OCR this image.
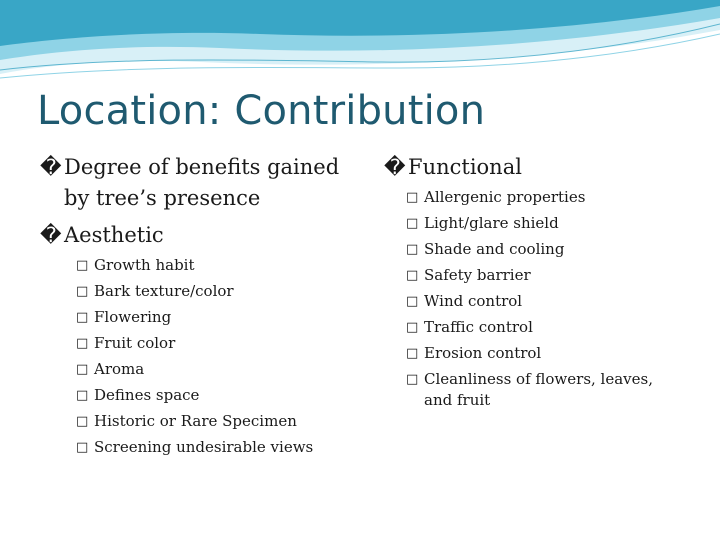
Location: Contribution
� Degree of benefits gained by tree’s presence
� Aesthetic
□ Growth habit
□ Bark texture/color
□ Flowering
□ Fruit color
□ Aroma
□ Defines space
□ Historic or Rare Specimen
□ Screening undesirable views
� Functional
□ Allergenic properties
□ Light/glare shield
□ Shade and cooling
□ Safety barrier
□ Wind control
□ Traffic control
□ Erosion control
□ Cleanliness of flowers, leaves, and fruit
